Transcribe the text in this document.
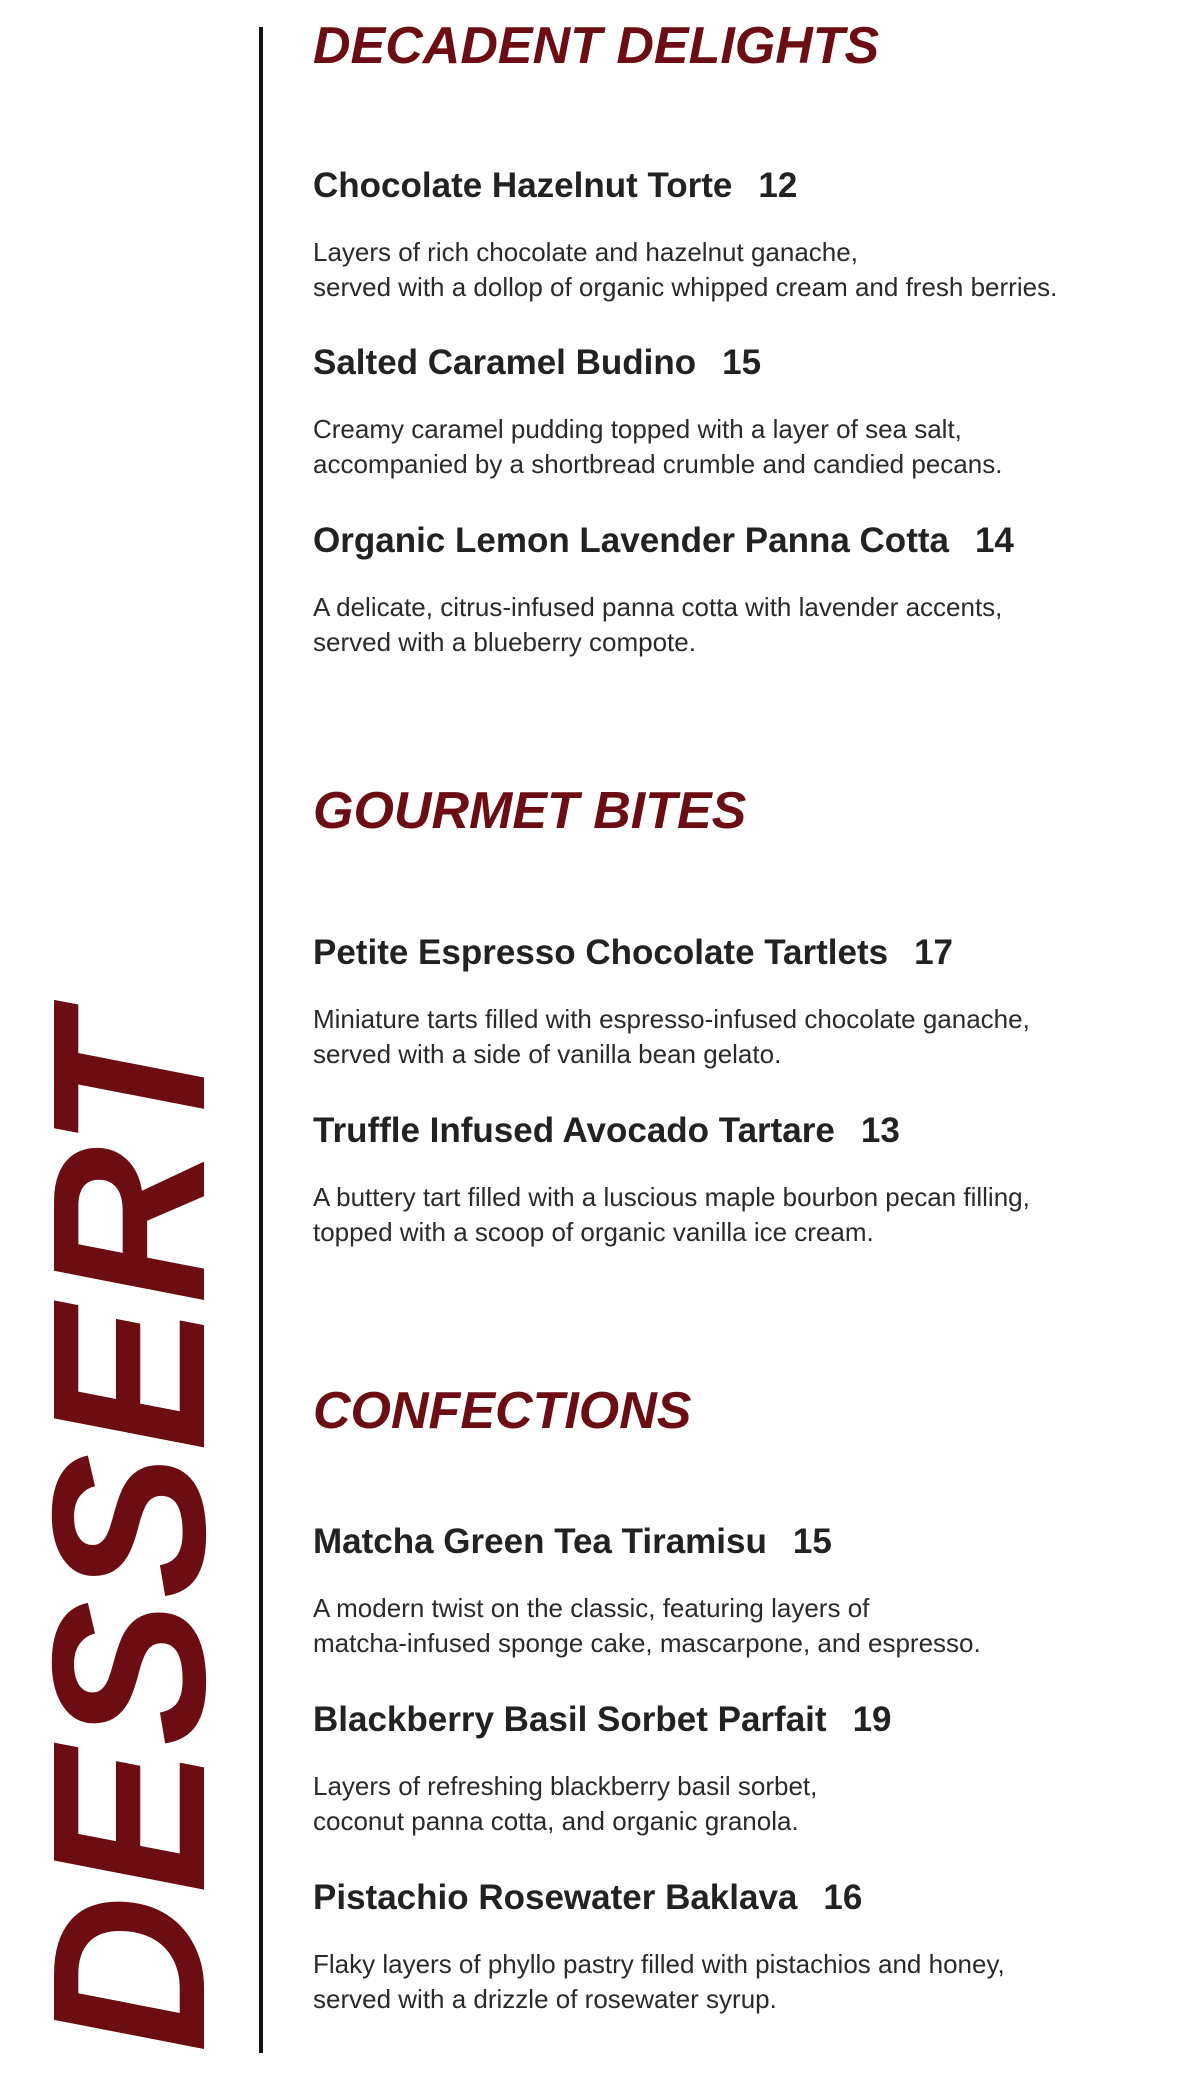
DESSERT
DECADENT DELIGHTS
Chocolate Hazelnut Torte 12
Layers of rich chocolate and hazelnut ganache,
served with a dollop of organic whipped cream and fresh berries.
Salted Caramel Budino 15
Creamy caramel pudding topped with a layer of sea salt,
accompanied by a shortbread crumble and candied pecans.
Organic Lemon Lavender Panna Cotta 14
A delicate, citrus-infused panna cotta with lavender accents,
served with a blueberry compote.
GOURMET BITES
Petite Espresso Chocolate Tartlets 17
Miniature tarts filled with espresso-infused chocolate ganache,
served with a side of vanilla bean gelato.
Truffle Infused Avocado Tartare 13
A buttery tart filled with a luscious maple bourbon pecan filling,
topped with a scoop of organic vanilla ice cream.
CONFECTIONS
Matcha Green Tea Tiramisu 15
A modern twist on the classic, featuring layers of
matcha-infused sponge cake, mascarpone, and espresso.
Blackberry Basil Sorbet Parfait 19
Layers of refreshing blackberry basil sorbet,
coconut panna cotta, and organic granola.
Pistachio Rosewater Baklava 16
Flaky layers of phyllo pastry filled with pistachios and honey,
served with a drizzle of rosewater syrup.
